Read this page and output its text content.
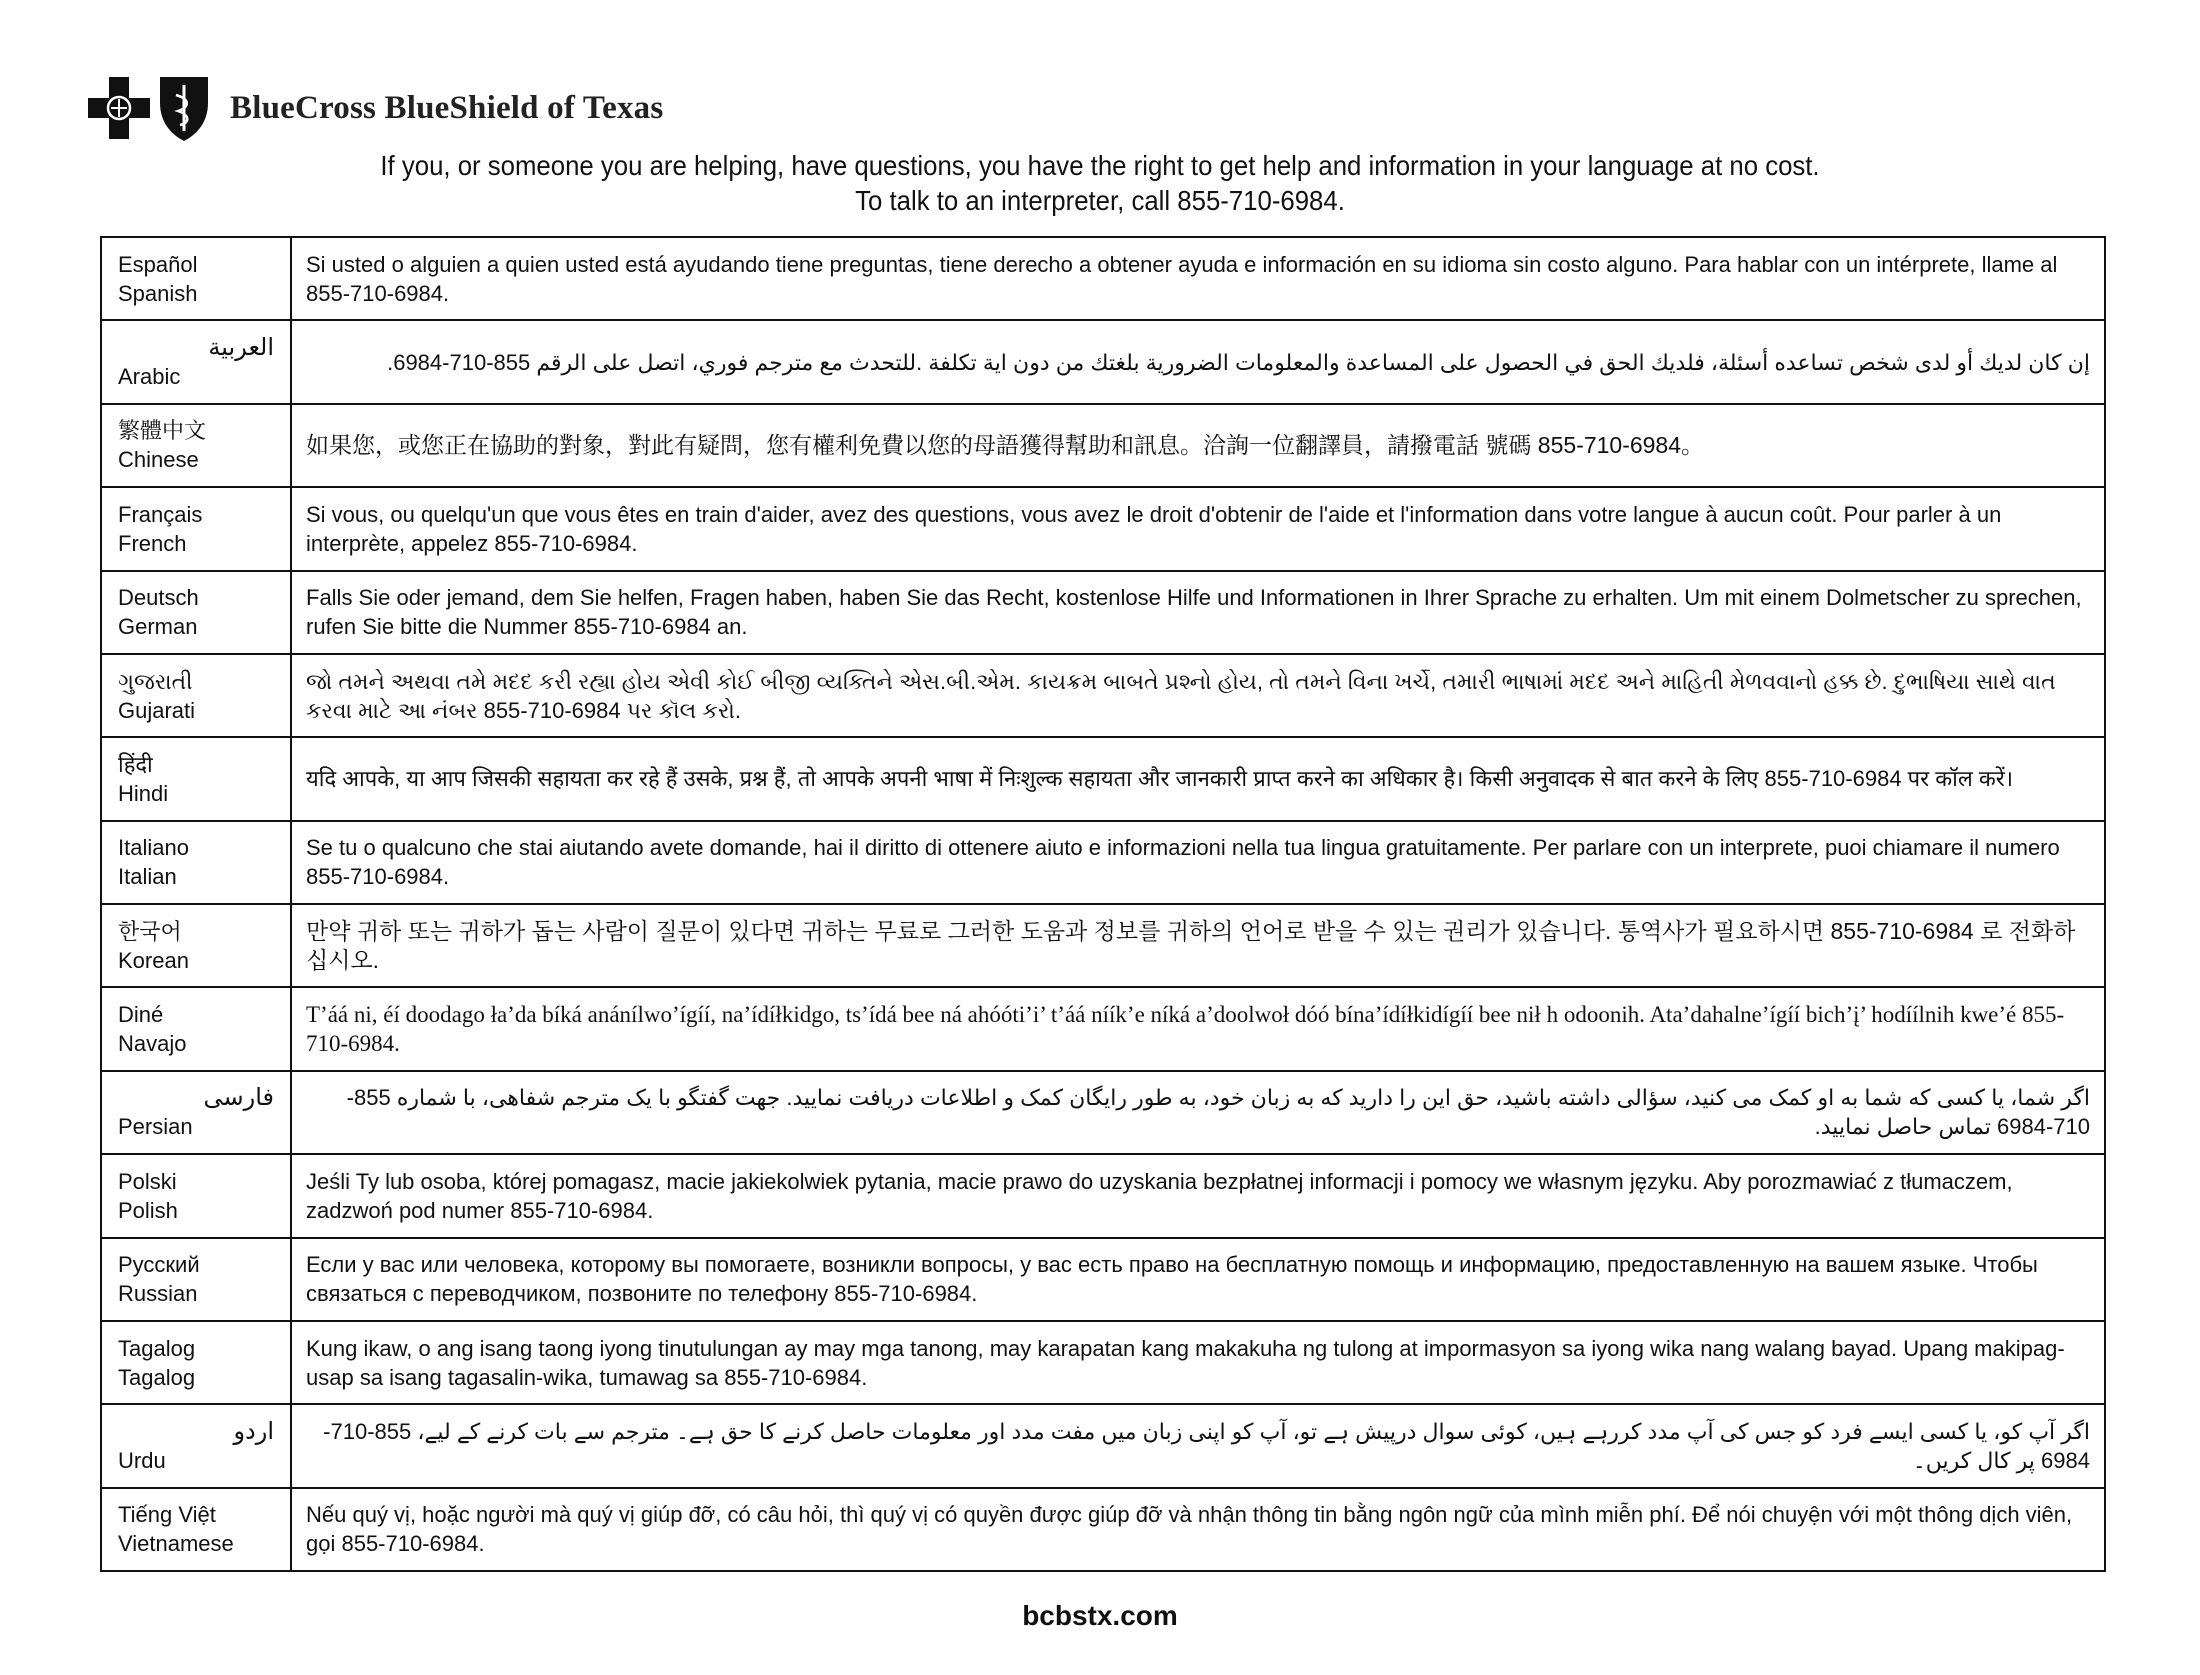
BlueCross BlueShield of Texas
If you, or someone you are helping, have questions, you have the right to get help and information in your language at no cost.
To talk to an interpreter, call 855-710-6984.
Español
Spanish	Si usted o alguien a quien usted está ayudando tiene preguntas, tiene derecho a obtener ayuda e información en su idioma sin costo alguno. Para hablar con un intérprete, llame al 855-710-6984.

العربية
Arabic	إن كان لديك أو لدى شخص تساعده أسئلة، فلديك الحق في الحصول على المساعدة والمعلومات الضرورية بلغتك من دون اية تكلفة .للتحدث مع مترجم فوري، اتصل على الرقم 855-710-6984.

繁體中文
Chinese	如果您，或您正在協助的對象，對此有疑問，您有權利免費以您的母語獲得幫助和訊息。洽詢一位翻譯員，請撥電話 號碼 855-710-6984。

Français
French	Si vous, ou quelqu'un que vous êtes en train d'aider, avez des questions, vous avez le droit d'obtenir de l'aide et l'information dans votre langue à aucun coût. Pour parler à un interprète, appelez 855-710-6984.

Deutsch
German	Falls Sie oder jemand, dem Sie helfen, Fragen haben, haben Sie das Recht, kostenlose Hilfe und Informationen in Ihrer Sprache zu erhalten. Um mit einem Dolmetscher zu sprechen, rufen Sie bitte die Nummer 855-710-6984 an.

ગુજરાતી
Gujarati	જો તમને અથવા તમે મદદ કરી રહ્યા હોય એવી કોઈ બીજી વ્યક્તિને એસ.બી.એમ. કાયક્રમ બાબતે પ્રશ્નો હોય, તો તમને વિના ખર્ચે, તમારી ભાષામાં મદદ અને માહિતી મેળવવાનો હક્ક છે. દુભાષિયા સાથે વાત કરવા માટે આ નંબર 855-710-6984 પર કૉલ કરો.

हिंदी
Hindi	यदि आपके, या आप जिसकी सहायता कर रहे हैं उसके, प्रश्न हैं, तो आपके अपनी भाषा में निःशुल्क सहायता और जानकारी प्राप्त करने का अधिकार है। किसी अनुवादक से बात करने के लिए 855-710-6984 पर कॉल करें।

Italiano
Italian	Se tu o qualcuno che stai aiutando avete domande, hai il diritto di ottenere aiuto e informazioni nella tua lingua gratuitamente. Per parlare con un interprete, puoi chiamare il numero 855-710-6984.

한국어
Korean	만약 귀하 또는 귀하가 돕는 사람이 질문이 있다면 귀하는 무료로 그러한 도움과 정보를 귀하의 언어로 받을 수 있는 권리가 있습니다. 통역사가 필요하시면 855-710-6984 로 전화하십시오.

Diné
Navajo	T’áá ni, éí doodago ła’da bíká anánílwo’ígíí, na’ídíłkidgo, ts’ídá bee ná ahóóti’i’ t’áá níík’e níká a’doolwoł dóó bína’ídíłkidígíí bee nił h odoonih. Ata’dahalne’ígíí bich’į’ hodíílnih kwe’é 855-710-6984.

فارسی
Persian	اگر شما، یا کسی که شما به او کمک می کنید، سؤالی داشته باشید، حق این را دارید که به زبان خود، به طور رایگان کمک و اطلاعات دریافت نمایید. جهت گفتگو با یک مترجم شفاهی، با شماره 855-710-6984 تماس حاصل نمایید.

Polski
Polish	Jeśli Ty lub osoba, której pomagasz, macie jakiekolwiek pytania, macie prawo do uzyskania bezpłatnej informacji i pomocy we własnym języku. Aby porozmawiać z tłumaczem, zadzwoń pod numer 855-710-6984.

Русский
Russian	Если у вас или человека, которому вы помогаете, возникли вопросы, у вас есть право на бесплатную помощь и информацию, предоставленную на вашем языке. Чтобы связаться с переводчиком, позвоните по телефону 855-710-6984.

Tagalog
Tagalog	Kung ikaw, o ang isang taong iyong tinutulungan ay may mga tanong, may karapatan kang makakuha ng tulong at impormasyon sa iyong wika nang walang bayad. Upang makipag-usap sa isang tagasalin-wika, tumawag sa 855-710-6984.

اردو
Urdu	اگر آپ کو، یا کسی ایسے فرد کو جس کی آپ مدد کررہے ہیں، کوئی سوال درپیش ہے تو، آپ کو اپنی زبان میں مفت مدد اور معلومات حاصل کرنے کا حق ہے۔ مترجم سے بات کرنے کے لیے، 855-710-6984 پر کال کریں۔

Tiếng Việt
Vietnamese	Nếu quý vị, hoặc người mà quý vị giúp đỡ, có câu hỏi, thì quý vị có quyền được giúp đỡ và nhận thông tin bằng ngôn ngữ của mình miễn phí. Để nói chuyện với một thông dịch viên, gọi 855-710-6984.
bcbstx.com
